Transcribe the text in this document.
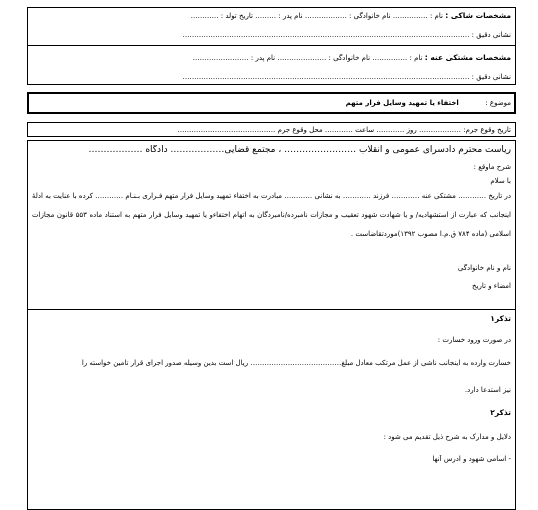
مشخصات شاکی : نام : …………… نام خانوادگی : ……………… نام پدر : ……… تاریخ تولد : …………
نشانی دقیق : ……………………………………………………………………………………………………………
مشخصات مشتکی عنه : نام : …………… نام خانوادگی : ………………… نام پدر : ……………………
نشانی دقیق : ……………………………………………………………………………………………………………
موضوع :  اختفاء یا تمهید وسایل فرار متهم
تاریخ وقوع جرم: ……………… روز ………… ساعت ………… محل وقوع جرم ……………………………………
ریاست محترم دادسرای عمومی و انقلاب …………………… ، مجتمع قضایی……………… دادگاه ………………
شرح ماوقع :
با سلام

در تاریخ ………… مشتکی عنه ………… فرزند ………… به نشانی ………… مبادرت به اختفاء تمهید وسایل فرار متهم فـراری بـنـام ………… کرده با عنایت به ادلهٔ اینجانب که عبارت از استشهادیه/ و یا شهادت شهود تعقیب و مجازات نامبرده/نامبردگان به اتهام اختفاءو یا تمهید وسایل فرار متهم به استناد ماده ۵۵۳ قانون مجازات اسلامی (ماده ۷۸۴ ق.م.ا مصوب ۱۳۹۲)موردتقاضاست .

نام و نام خانوادگی
امضاء و تاریخ
تذکر۱
در صورت ورود خسارت :
خسارت وارده به اینجانب ناشی از عمل مرتکب معادل مبلغ………………………………… ریال است بدین وسیله صدور اجرای قرار تأمین خواسته را
نیز استدعا دارد.
تذکر۲
دلایل و مدارک به شرح ذیل تقدیم می شود :
- اسامی شهود و ادرس آنها
